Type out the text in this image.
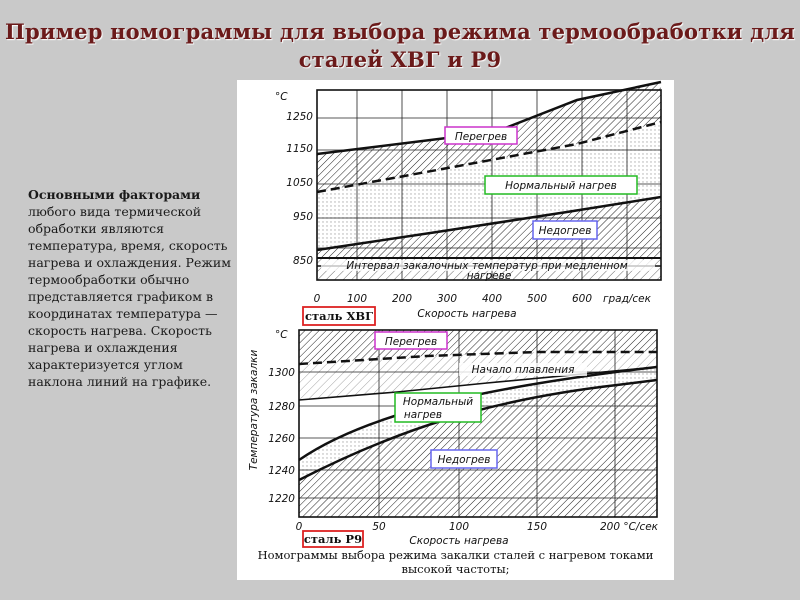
Пример номограммы для выбора режима термообработки для
сталей ХВГ и Р9
Основными факторами любого вида термической обработки являются температура, время, скорость нагрева и охлаждения. Режим термообработки обычно представляется графиком в координатах температура — скорость нагрева. Скорость нагрева и охлаждения характеризуется углом наклона линий на графике.
°C
1250
1150
1050
950
850
0	100 200 300 400 500 600 град/сек
Скорость нагрева
Перегрев
Нормальный нагрев
Недогрев
Интервал закалочных температур при медленном
нагреве
сталь ХВГ
Температура закалки
°C
1300
1280
1260
1240
1220
0	50	100	150	200 °C/сек
Скорость нагрева
Перегрев
Начало плавления
Нормальный
нагрев
Недогрев
сталь Р9
Номограммы выбора режима закалки сталей с нагревом токами
высокой частоты;
